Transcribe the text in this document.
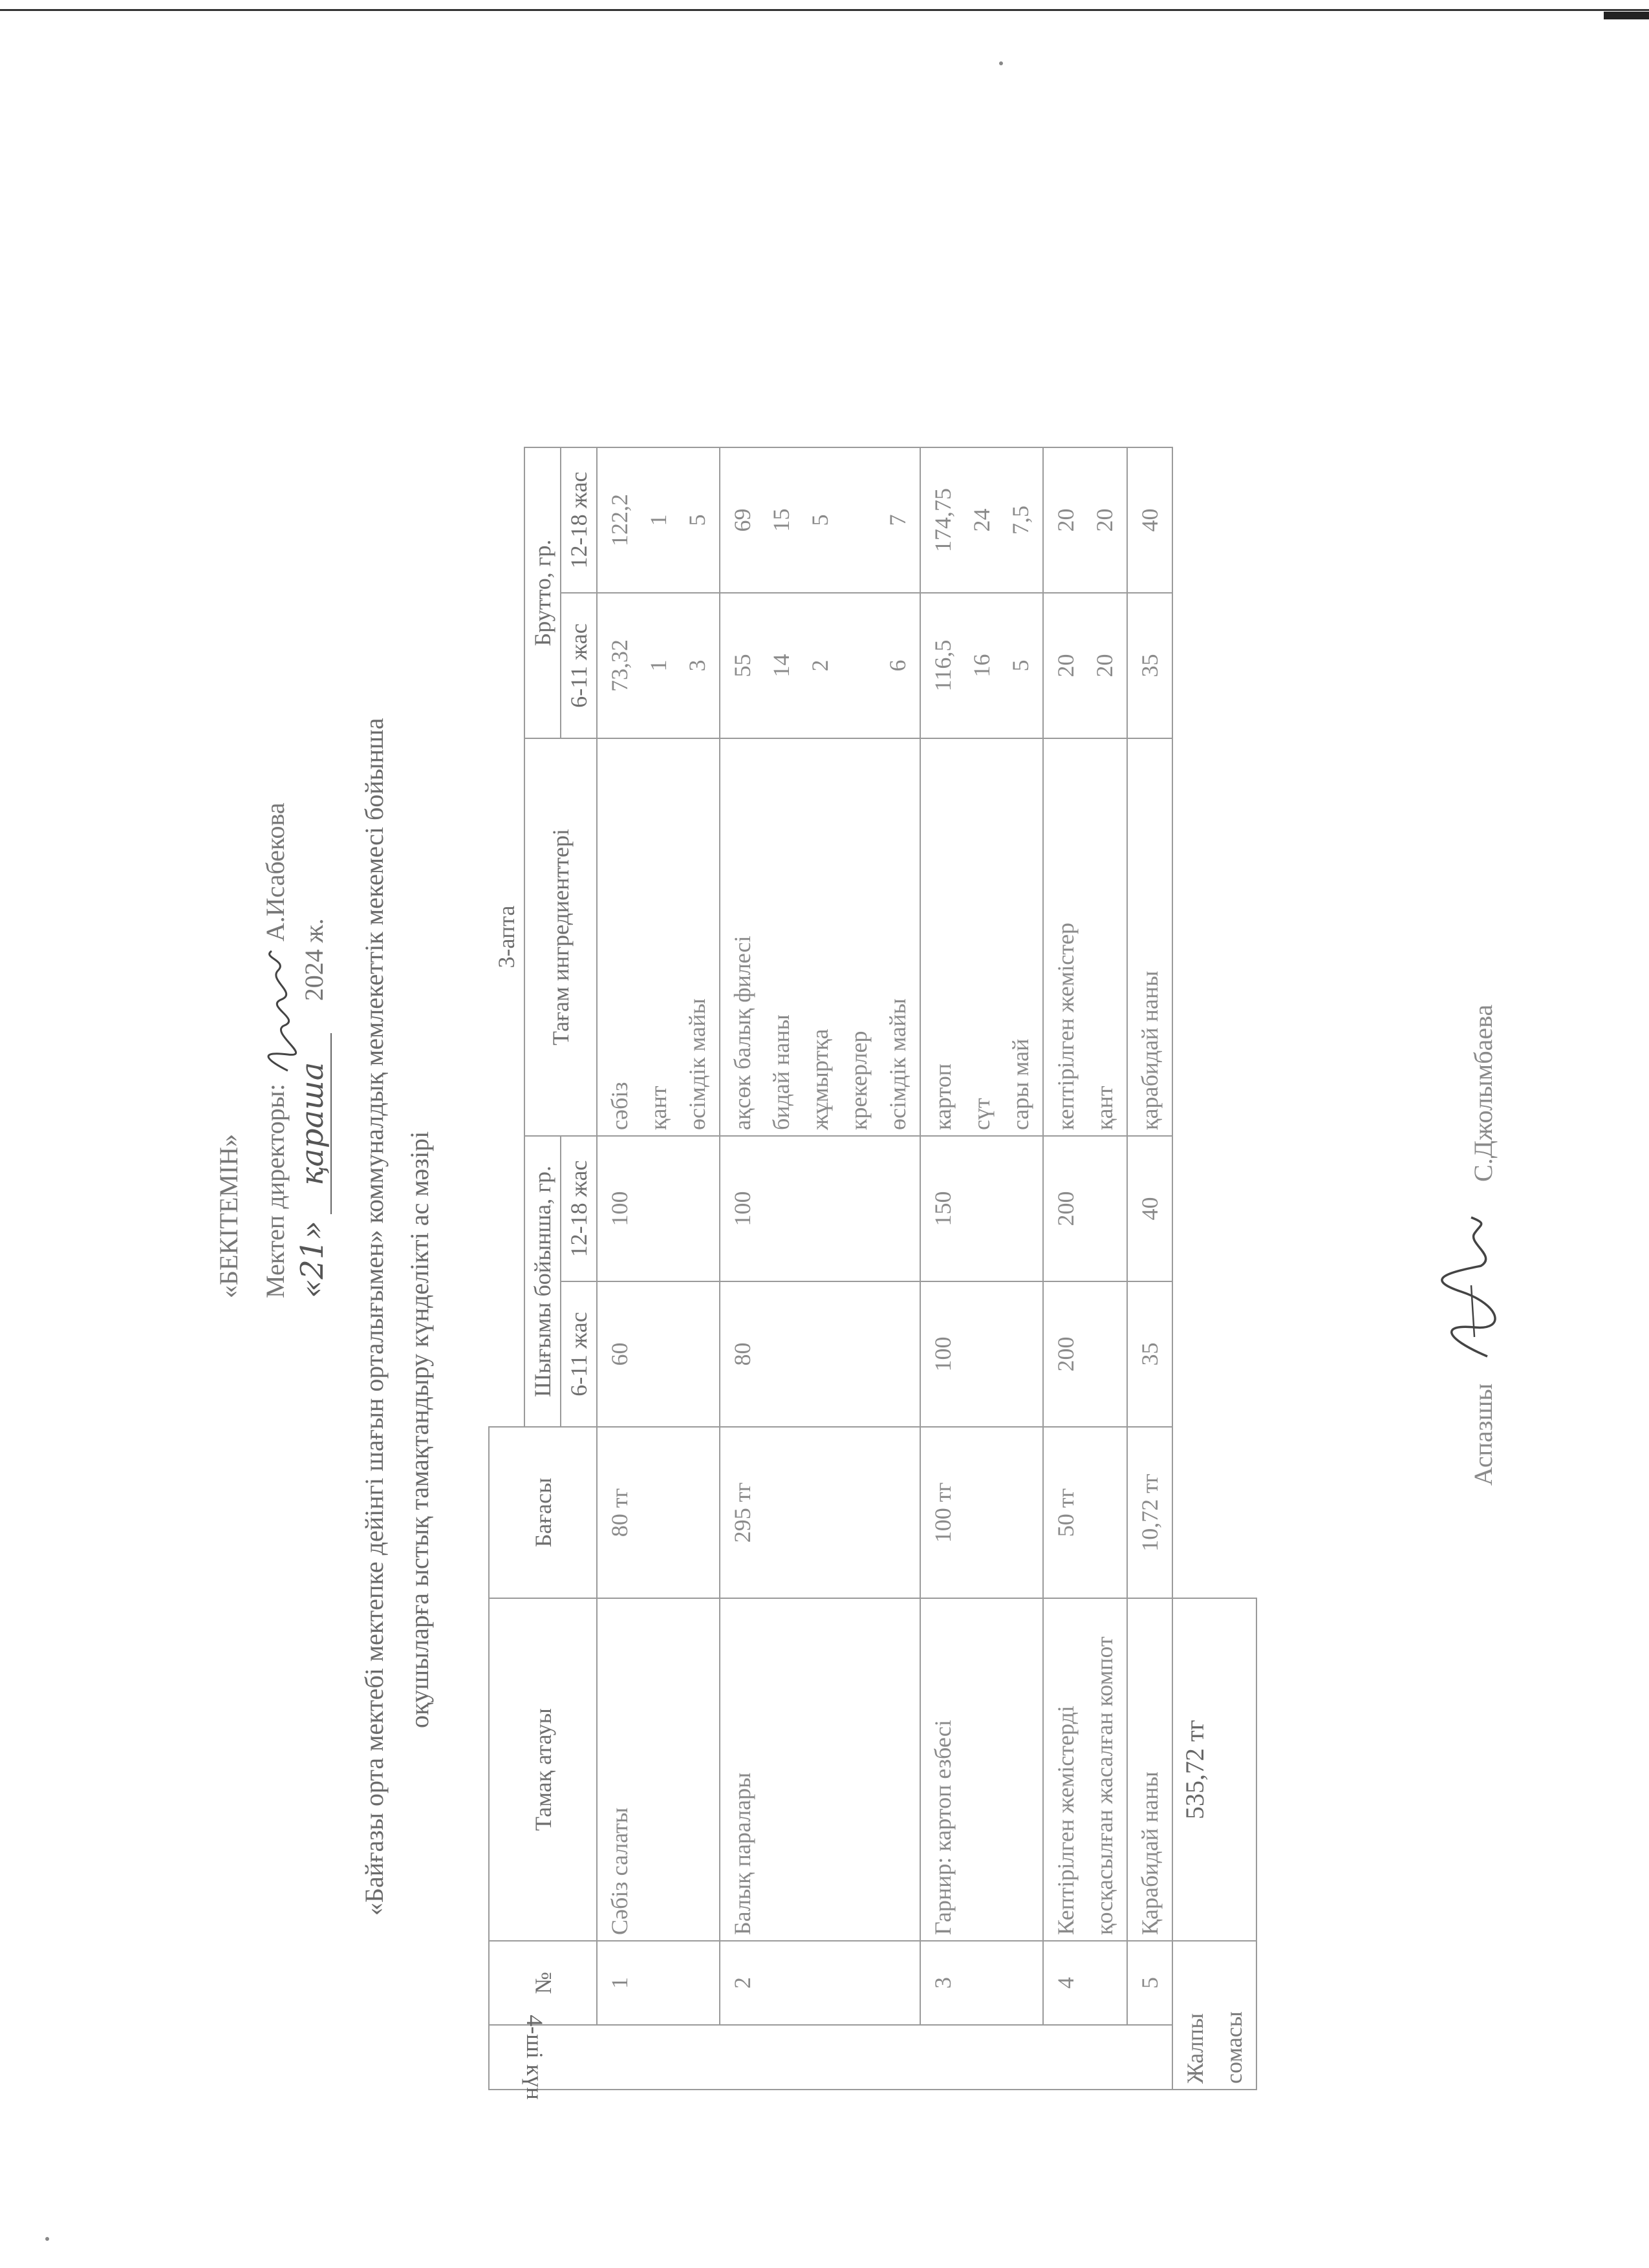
«БЕКІТЕМІН» Мектеп директоры:  А.Исабекова
«21» қараша 2024 ж. «Байғазы орта мектебі мектепке дейінгі шағын орталығымен» коммуналдық мемлекеттік мекемесі бойынша оқушыларға ыстық тамақтандыру күнделікті ас мәзірі
4-ші күн	№	Тамақ атауы	Бағасы	3-апта					
				Шығымы бойынша, гр.		Тағам ингредиенттері	Брутто, гр.		
				6-11 жас	12-18 жас		6-11 жас	12-18 жас	
	1	Сәбіз салаты	80 тг	60	100	сәбіз қант өсімдік майы	73,32 1 3	122,2 1 5	

	2	Балық паралары	295 тг	80	100	ақсөк балық филесі бидай наны жұмыртқа крекерлер өсімдік майы	55 14 2 6	69 15 5 7	

	3	Гарнир: картоп езбесі	100 тг	100	150	картоп сүт сары май	116,5 16 5	174,75 24 7,5	

	4	Кептірілген жемістерді қосқасылған жасалған компот	50 тг	200	200	кептірілген жемістер қант	20 20	20 20	

	5	Қарабидай наны	10,72 тг	35	40	қарабидай наны	35	40	

Жалпы сомасы		535,72 тг							
Аспазшы
С.Джолымбаева
